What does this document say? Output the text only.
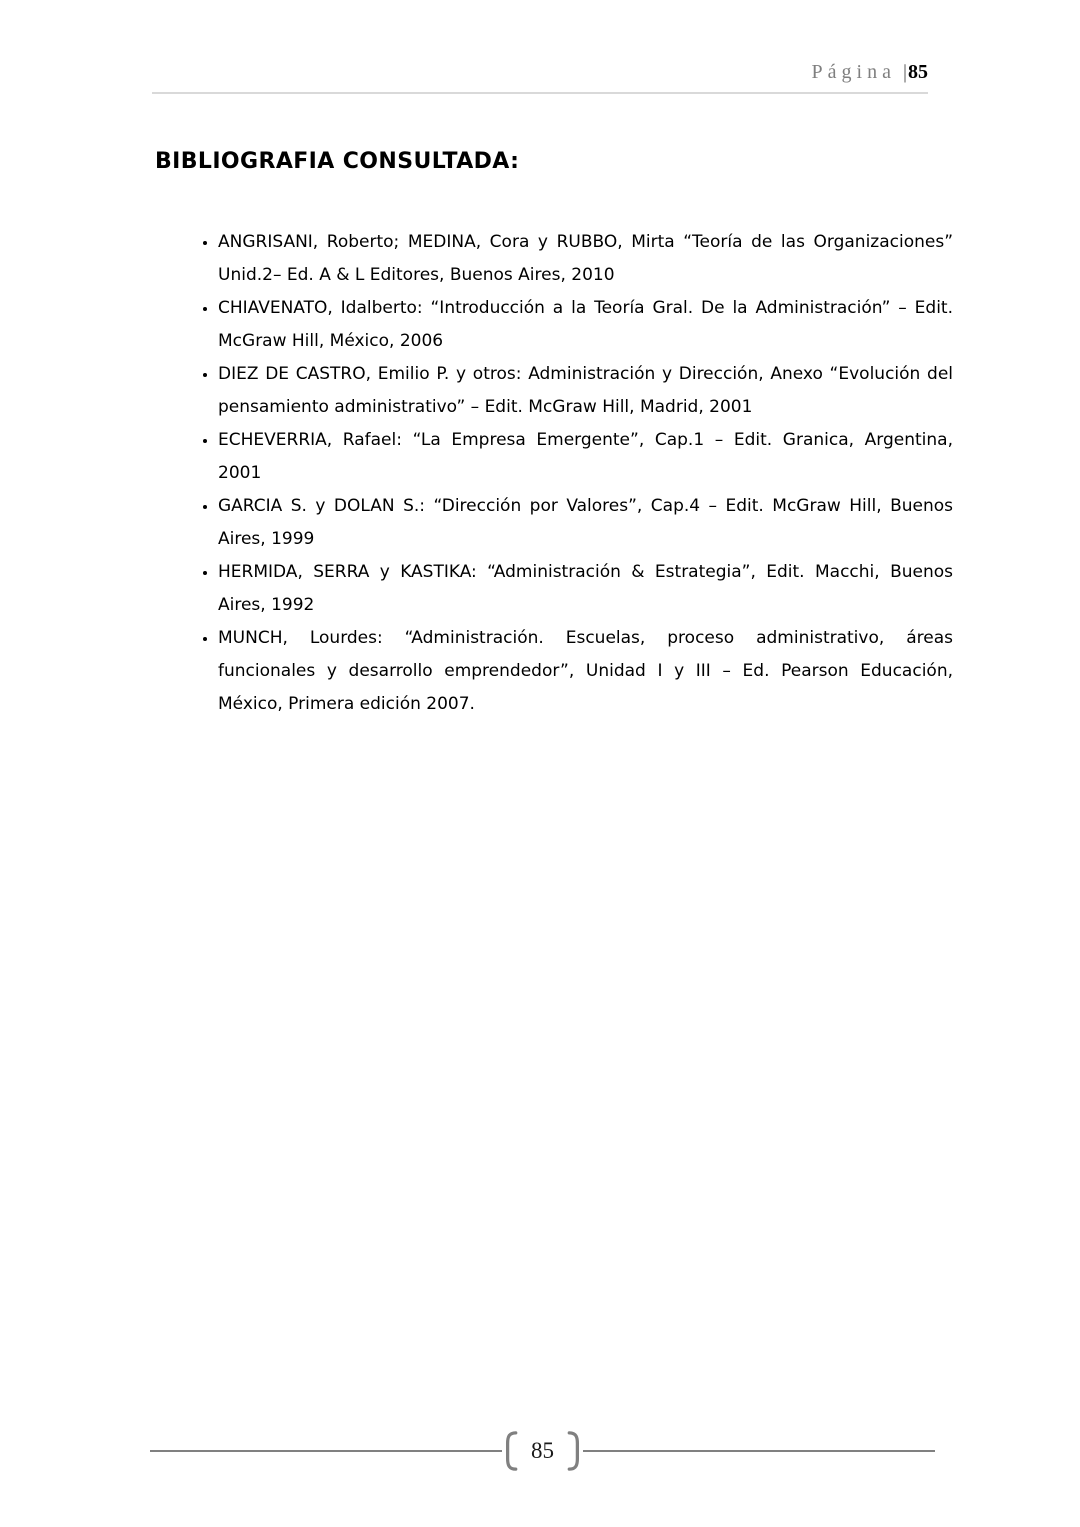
Página |85
BIBLIOGRAFIA CONSULTADA:
• ANGRISANI, Roberto; MEDINA, Cora y RUBBO, Mirta “Teoría de las Organizaciones” Unid.2– Ed. A & L Editores, Buenos Aires, 2010
• CHIAVENATO, Idalberto: “Introducción a la Teoría Gral. De la Administración” – Edit. McGraw Hill, México, 2006
• DIEZ DE CASTRO, Emilio P. y otros: Administración y Dirección, Anexo “Evolución del pensamiento administrativo” – Edit. McGraw Hill, Madrid, 2001
• ECHEVERRIA, Rafael: “La Empresa Emergente”, Cap.1 – Edit. Granica, Argentina, 2001
• GARCIA S. y DOLAN S.: “Dirección por Valores”, Cap.4 – Edit. McGraw Hill, Buenos Aires, 1999
• HERMIDA, SERRA y KASTIKA: “Administración & Estrategia”, Edit. Macchi, Buenos Aires, 1992
• MUNCH, Lourdes: “Administración. Escuelas, proceso administrativo, áreas funcionales y desarrollo emprendedor”, Unidad I y III – Ed. Pearson Educación, México, Primera edición 2007.
85
